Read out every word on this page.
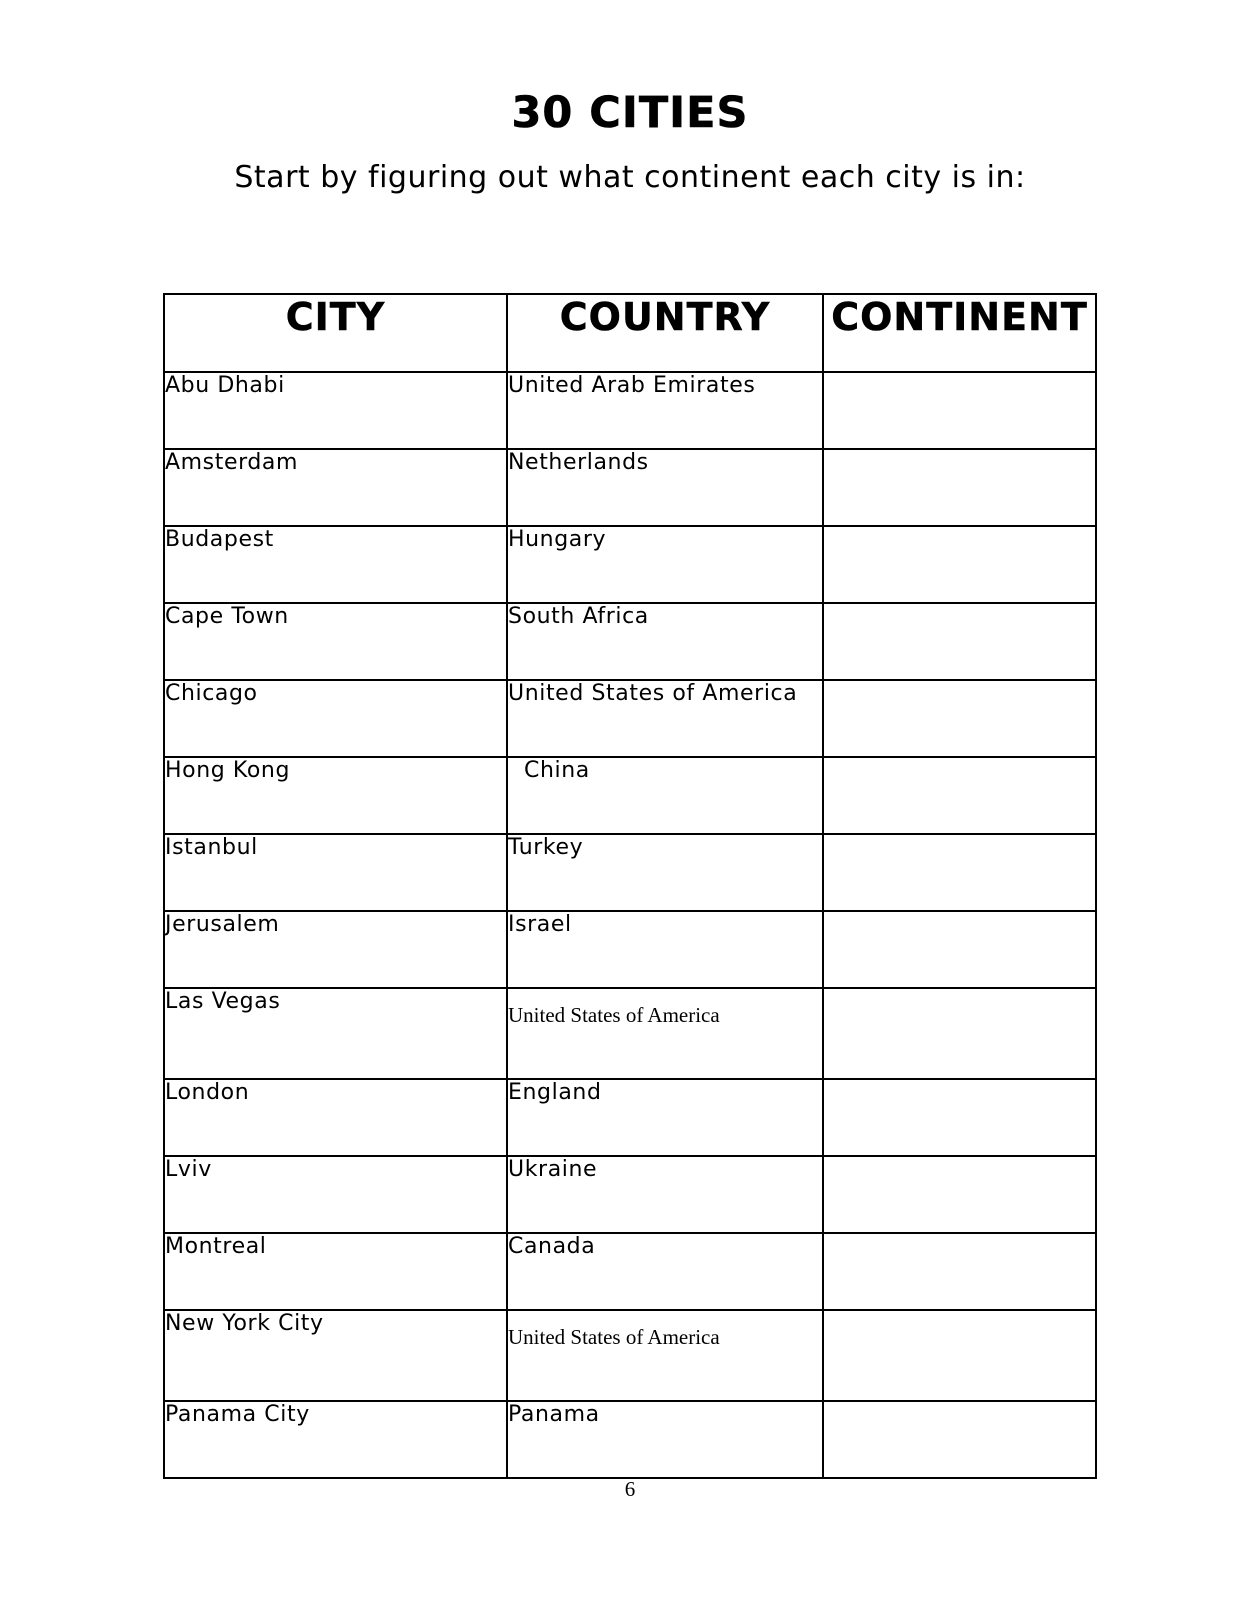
30 CITIES

Start by figuring out what continent each city is in:

CITY	COUNTRY	CONTINENT
Abu Dhabi	United Arab Emirates	
Amsterdam	Netherlands	
Budapest	Hungary	
Cape Town	South Africa	
Chicago	United States of America	
Hong Kong	China	
Istanbul	Turkey	
Jerusalem	Israel	
Las Vegas	United States of America	
London	England	
Lviv	Ukraine	
Montreal	Canada	
New York City	United States of America	
Panama City	Panama	
6
